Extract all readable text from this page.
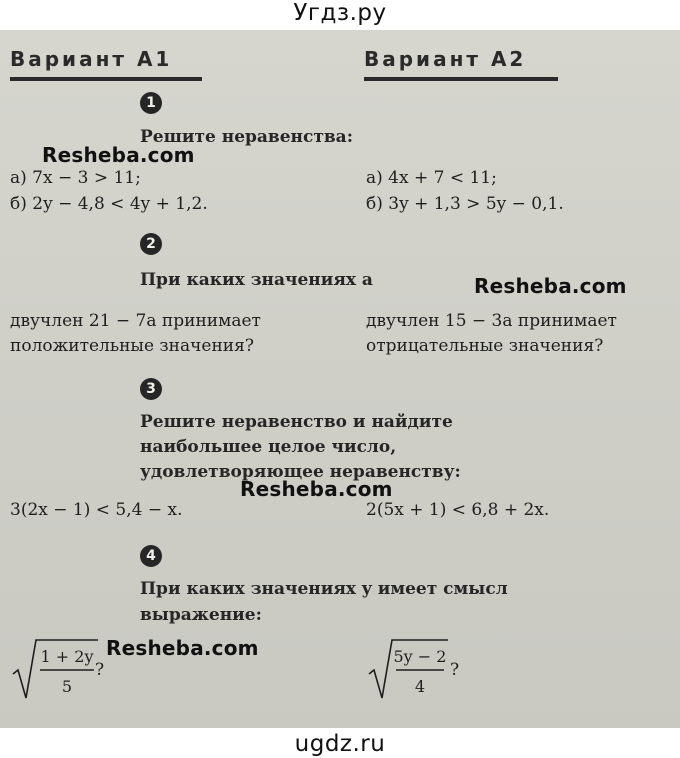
Угдз.ру
Вариант А1	Вариант А2
1
Решите неравенства:
Resheba.com
а) 7x − 3 > 11;
б) 2y − 4,8 < 4y + 1,2.
а) 4x + 7 < 11;
б) 3y + 1,3 > 5y − 0,1.
2
При каких значениях a	Resheba.com
двучлен 21 − 7a принимает
положительные значения?
двучлен 15 − 3a принимает
отрицательные значения?
3
Решите неравенство и найдите
наибольшее целое число,
удовлетворяющее неравенству:
Resheba.com
3(2x − 1) < 5,4 − x.	2(5x + 1) < 6,8 + 2x.
4
При каких значениях y имеет смысл
выражение:
Resheba.com
1 + 2y
5
?
5y − 2
4
?
ugdz.ru
